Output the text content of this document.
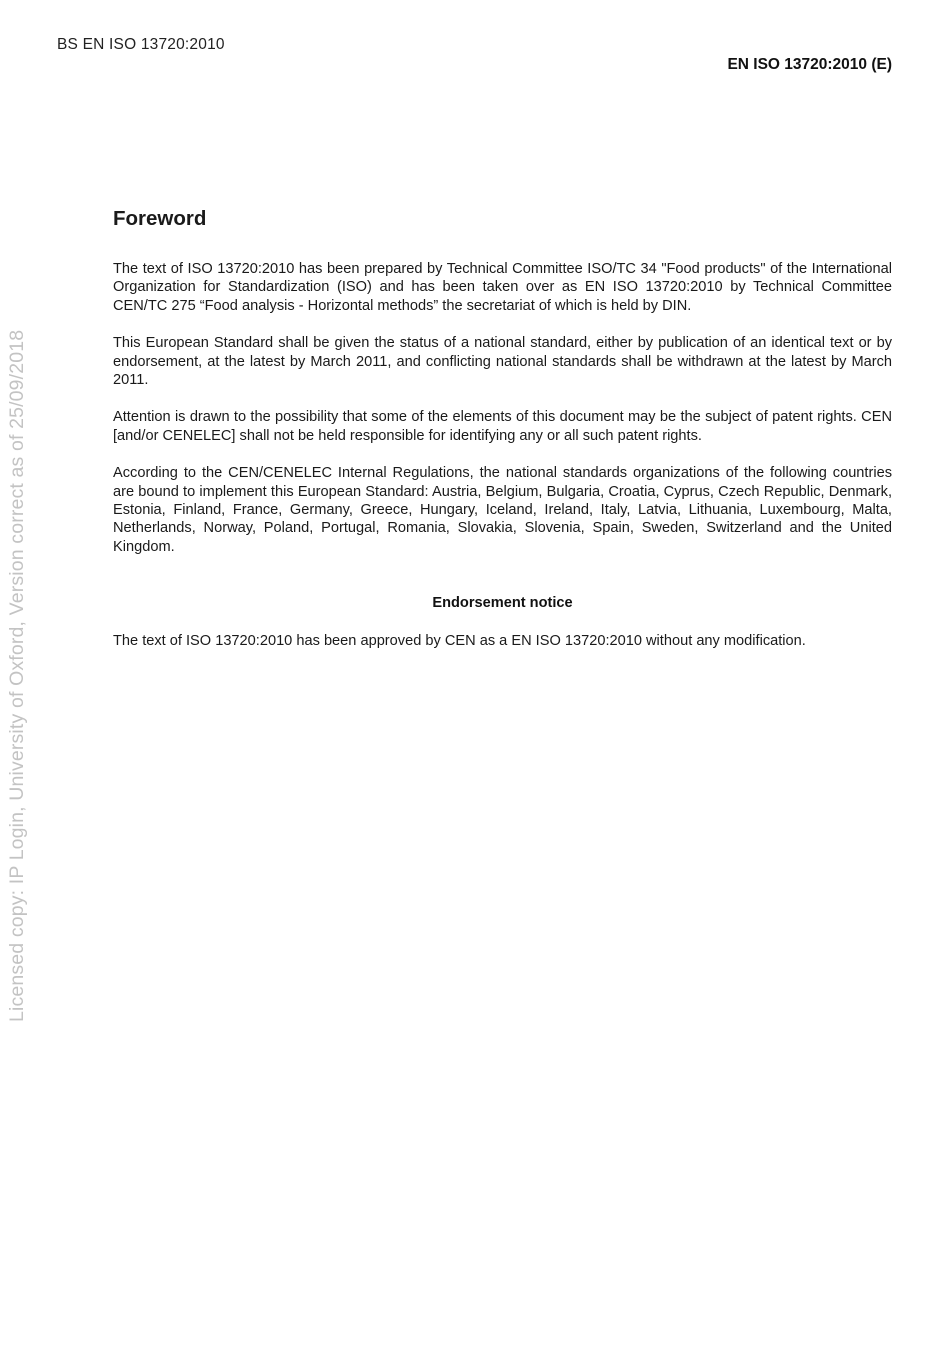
BS EN ISO 13720:2010
EN ISO 13720:2010 (E)
Licensed copy: IP Login, University of Oxford, Version correct as of 25/09/2018
Foreword

The text of ISO 13720:2010 has been prepared by Technical Committee ISO/TC 34 "Food products" of the International Organization for Standardization (ISO) and has been taken over as EN ISO 13720:2010 by Technical Committee CEN/TC 275 “Food analysis - Horizontal methods” the secretariat of which is held by DIN.

This European Standard shall be given the status of a national standard, either by publication of an identical text or by endorsement, at the latest by March 2011, and conflicting national standards shall be withdrawn at the latest by March 2011.

Attention is drawn to the possibility that some of the elements of this document may be the subject of patent rights. CEN [and/or CENELEC] shall not be held responsible for identifying any or all such patent rights.

According to the CEN/CENELEC Internal Regulations, the national standards organizations of the following countries are bound to implement this European Standard: Austria, Belgium, Bulgaria, Croatia, Cyprus, Czech Republic, Denmark, Estonia, Finland, France, Germany, Greece, Hungary, Iceland, Ireland, Italy, Latvia, Lithuania, Luxembourg, Malta, Netherlands, Norway, Poland, Portugal, Romania, Slovakia, Slovenia, Spain, Sweden, Switzerland and the United Kingdom.

Endorsement notice

The text of ISO 13720:2010 has been approved by CEN as a EN ISO 13720:2010 without any modification.
